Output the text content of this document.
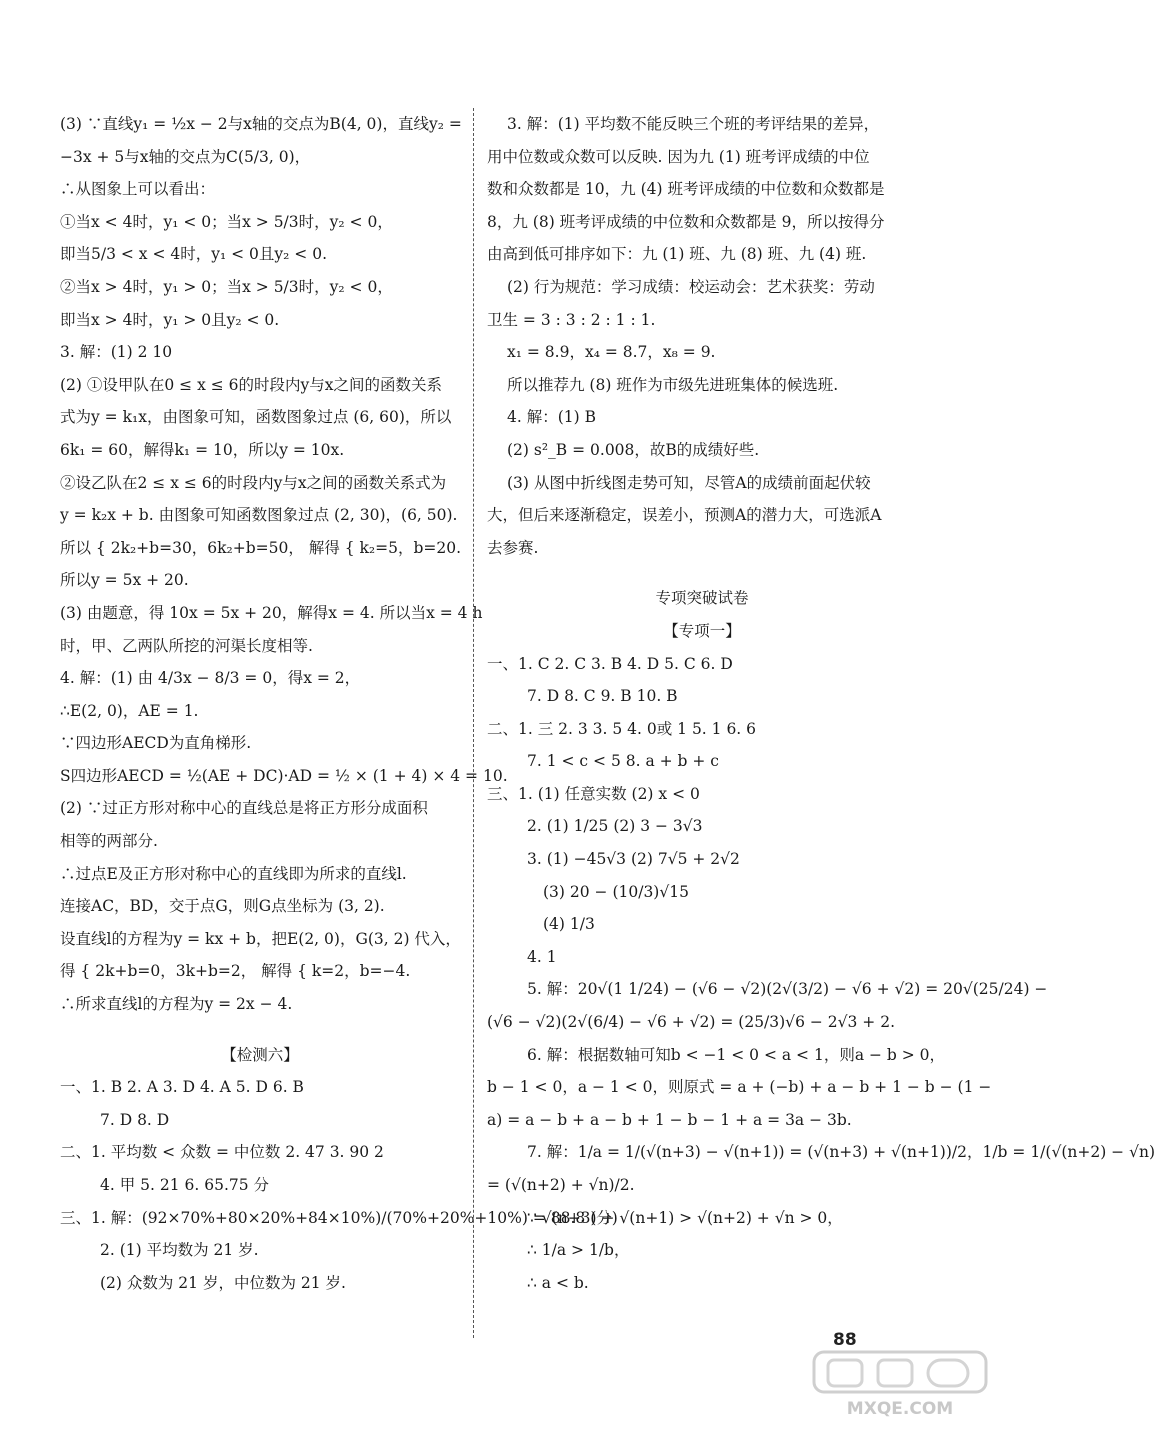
(3) ∵直线y₁ = ½x − 2与x轴的交点为B(4, 0)，直线y₂ =
−3x + 5与x轴的交点为C(5/3, 0)，
∴从图象上可以看出：
①当x < 4时，y₁ < 0；当x > 5/3时，y₂ < 0，
即当5/3 < x < 4时，y₁ < 0且y₂ < 0.
②当x > 4时，y₁ > 0；当x > 5/3时，y₂ < 0，
即当x > 4时，y₁ > 0且y₂ < 0.
3. 解：(1) 2 10
(2) ①设甲队在0 ≤ x ≤ 6的时段内y与x之间的函数关系
式为y = k₁x，由图象可知，函数图象过点 (6, 60)，所以
6k₁ = 60，解得k₁ = 10，所以y = 10x.
②设乙队在2 ≤ x ≤ 6的时段内y与x之间的函数关系式为
y = k₂x + b. 由图象可知函数图象过点 (2, 30)，(6, 50).
所以 { 2k₂+b=30，6k₂+b=50， 解得 { k₂=5，b=20.
所以y = 5x + 20.
(3) 由题意，得 10x = 5x + 20，解得x = 4. 所以当x = 4 h
时，甲、乙两队所挖的河渠长度相等.
4. 解：(1) 由 4/3x − 8/3 = 0，得x = 2，
∴E(2, 0)，AE = 1.
∵四边形AECD为直角梯形.
S四边形AECD = ½(AE + DC)·AD = ½ × (1 + 4) × 4 = 10.
(2) ∵过正方形对称中心的直线总是将正方形分成面积
相等的两部分.
∴过点E及正方形对称中心的直线即为所求的直线l.
连接AC，BD，交于点G，则G点坐标为 (3, 2).
设直线l的方程为y = kx + b，把E(2, 0)，G(3, 2) 代入，
得 { 2k+b=0，3k+b=2， 解得 { k=2，b=−4.
∴所求直线l的方程为y = 2x − 4.
【检测六】
一、1. B 2. A 3. D 4. A 5. D 6. B
7. D 8. D
二、1. 平均数 < 众数 = 中位数 2. 47 3. 90 2
4. 甲 5. 21 6. 65.75 分
三、1. 解：(92×70%+80×20%+84×10%)/(70%+20%+10%) = 88.8 (分)
2. (1) 平均数为 21 岁.
(2) 众数为 21 岁，中位数为 21 岁.
3. 解：(1) 平均数不能反映三个班的考评结果的差异，
用中位数或众数可以反映. 因为九 (1) 班考评成绩的中位
数和众数都是 10，九 (4) 班考评成绩的中位数和众数都是
8，九 (8) 班考评成绩的中位数和众数都是 9，所以按得分
由高到低可排序如下：九 (1) 班、九 (8) 班、九 (4) 班.
(2) 行为规范：学习成绩：校运动会：艺术获奖：劳动
卫生 = 3 : 3 : 2 : 1 : 1.
x₁ = 8.9，x₄ = 8.7，x₈ = 9.
所以推荐九 (8) 班作为市级先进班集体的候选班.
4. 解：(1) B
(2) s²_B = 0.008，故B的成绩好些.
(3) 从图中折线图走势可知，尽管A的成绩前面起伏较
大，但后来逐渐稳定，误差小，预测A的潜力大，可选派A
去参赛.
专项突破试卷
【专项一】
一、1. C 2. C 3. B 4. D 5. C 6. D
7. D 8. C 9. B 10. B
二、1. 三 2. 3 3. 5 4. 0或 1 5. 1 6. 6
7. 1 < c < 5 8. a + b + c
三、1. (1) 任意实数 (2) x < 0
2. (1) 1/25 (2) 3 − 3√3
3. (1) −45√3 (2) 7√5 + 2√2
(3) 20 − (10/3)√15
(4) 1/3
4. 1
5. 解：20√(1 1/24) − (√6 − √2)(2√(3/2) − √6 + √2) = 20√(25/24) −
(√6 − √2)(2√(6/4) − √6 + √2) = (25/3)√6 − 2√3 + 2.
6. 解：根据数轴可知b < −1 < 0 < a < 1，则a − b > 0，
b − 1 < 0，a − 1 < 0，则原式 = a + (−b) + a − b + 1 − b − (1 −
a) = a − b + a − b + 1 − b − 1 + a = 3a − 3b.
7. 解：1/a = 1/(√(n+3) − √(n+1)) = (√(n+3) + √(n+1))/2，1/b = 1/(√(n+2) − √n)
= (√(n+2) + √n)/2.
∵ √(n+3) + √(n+1) > √(n+2) + √n > 0，
∴ 1/a > 1/b，
∴ a < b.
88
MXQE.COM
